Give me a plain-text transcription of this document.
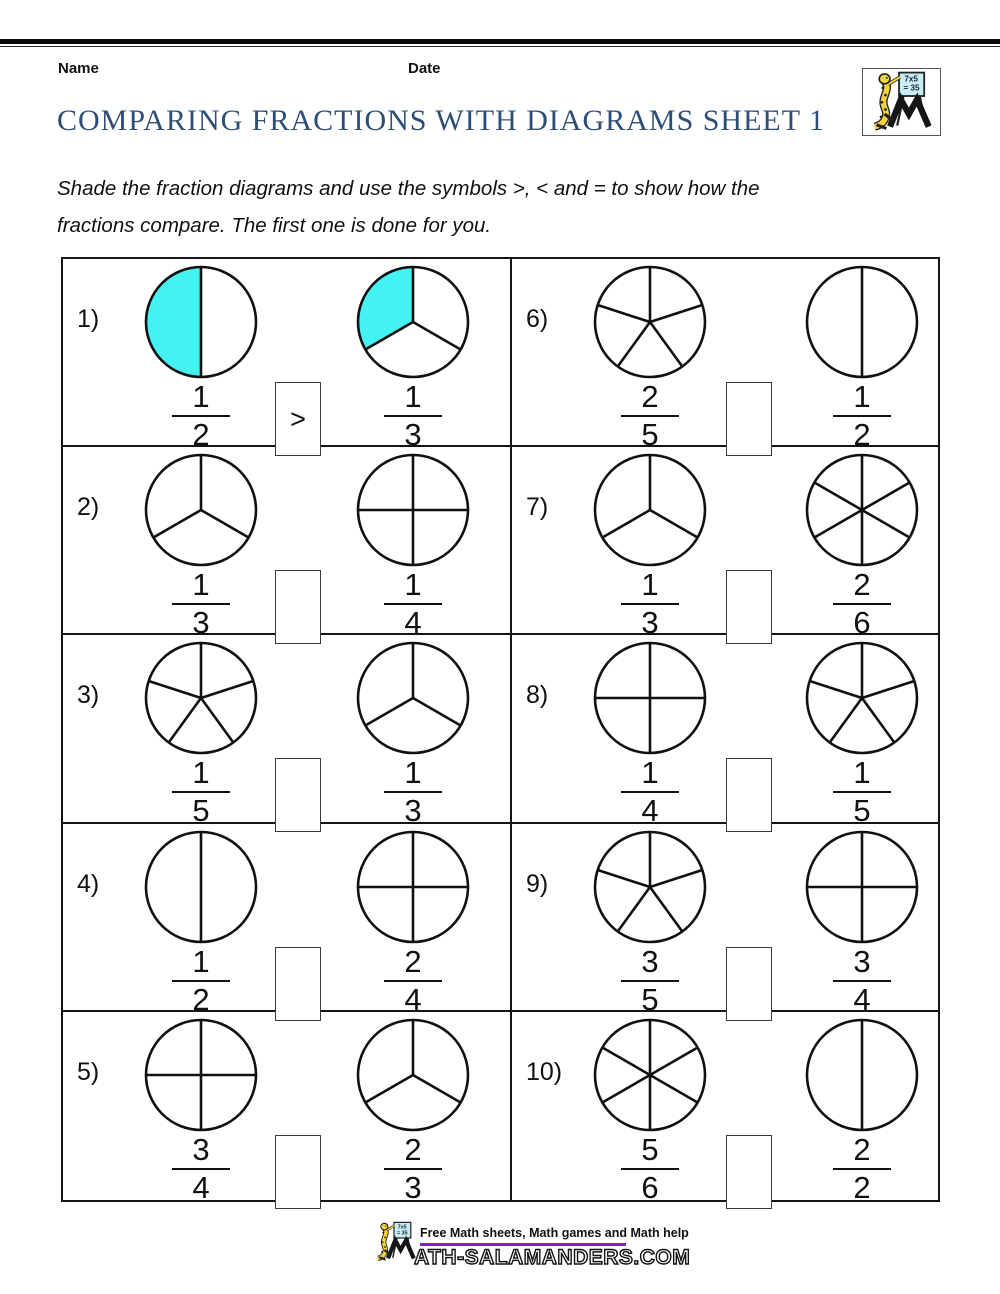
Name	Date
7x5
= 35
COMPARING FRACTIONS WITH DIAGRAMS SHEET 1
Shade the fraction diagrams and use the symbols >, < and = to show how the
fractions compare. The first one is done for you.
1)
1
2
1
3
6)
2
5
1
2
2)
1
3
1
4
7)
1
3
2
6
3)
1
5
1
3
8)
1
4
1
5
4)
1
2
2
4
9)
3
5
3
4
5)
3
4
2
3
10)
5
6
2
2
>
7x5
= 35 Free Math sheets, Math games and Math help
ATH-SALAMANDERS.COM
